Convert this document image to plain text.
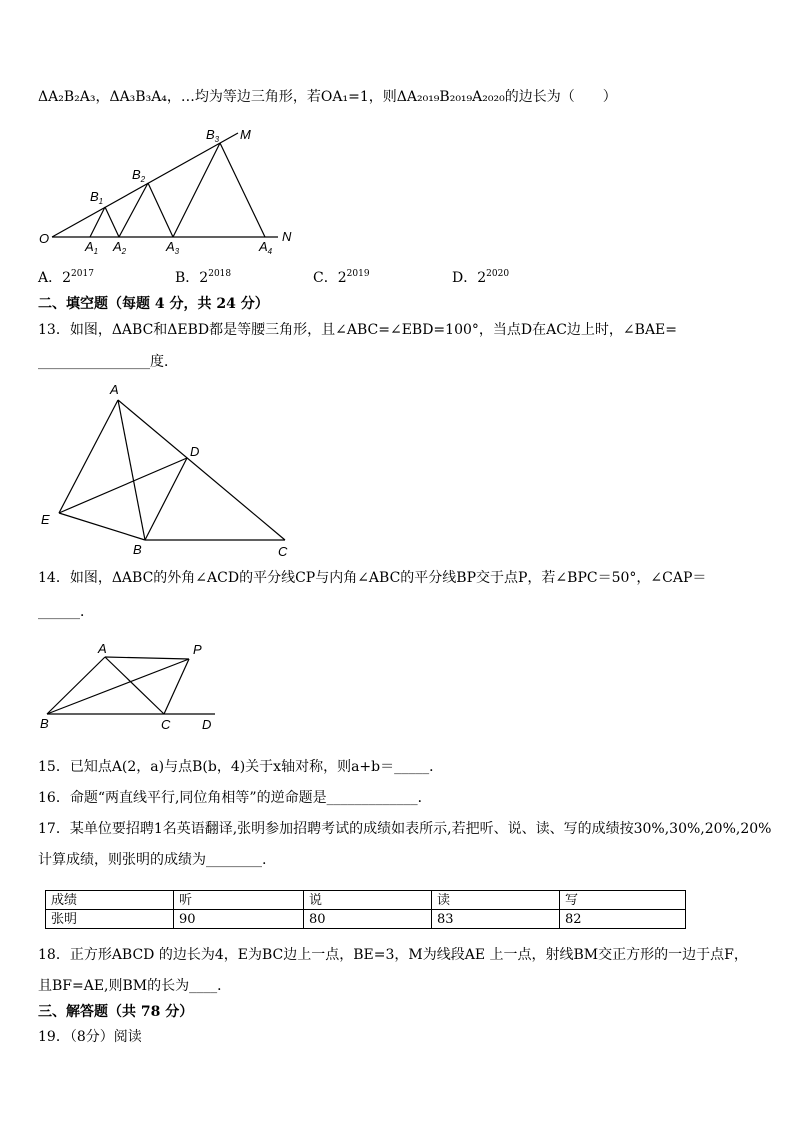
ΔA₂B₂A₃，ΔA₃B₃A₄，…均为等边三角形，若OA₁=1，则ΔA₂₀₁₉B₂₀₁₉A₂₀₂₀的边长为（　　）
$B_3$ M
$B_2$
$B_1$
O
$A_1$ $A_2$	$A_3$	$A_4$
N
A．$2^{2017}$	B．$2^{2018}$	C．$2^{2019}$	D．$2^{2020}$
二、填空题（每题 4 分，共 24 分）
13．如图，ΔABC和ΔEBD都是等腰三角形，且∠ABC=∠EBD=100°，当点D在AC边上时，∠BAE=
________________度．
A
D
E
B	C
14．如图，ΔABC的外角∠ACD的平分线CP与内角∠ABC的平分线BP交于点P，若∠BPC＝50°，∠CAP＝
______．
A	P
B	C D
15．已知点A(2，a)与点B(b，4)关于x轴对称，则a+b＝_____．
16．命题“两直线平行,同位角相等”的逆命题是_____________．
17．某单位要招聘1名英语翻译,张明参加招聘考试的成绩如表所示,若把听、说、读、写的成绩按30%,30%,20%,20%
计算成绩，则张明的成绩为________.
成绩	听	说	读	写
张明	90	80	83	82
18．正方形ABCD 的边长为4，E为BC边上一点，BE=3，M为线段AE 上一点，射线BM交正方形的一边于点F，
且BF=AE,则BM的长为____．
三、解答题（共 78 分）
19．（8分）阅读
